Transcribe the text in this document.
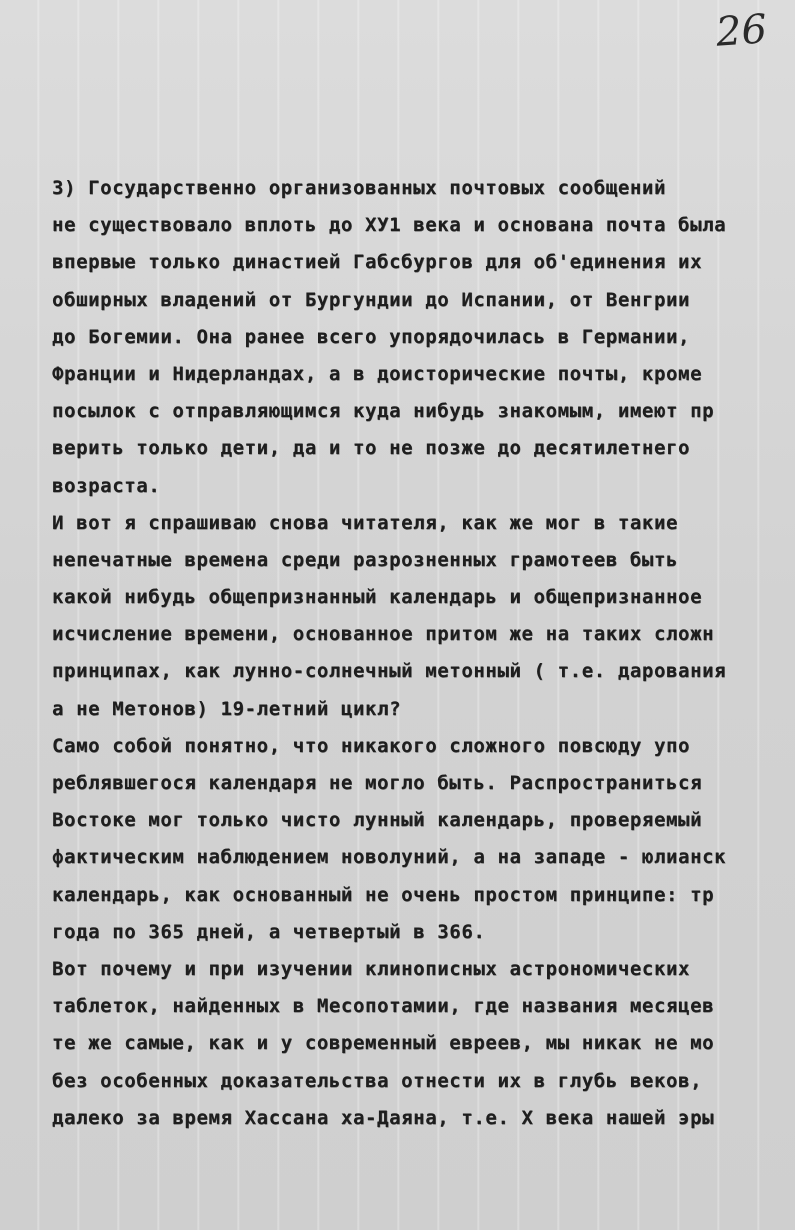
26
3) Государственно организованных почтовых сообщений
не существовало вплоть до ХУ1 века и основана почта была
впервые только династией Габсбургов для об'единения их
обширных владений от Бургундии до Испании, от Венгрии
до Богемии. Она ранее всего упорядочилась в Германии,
Франции и Нидерландах, а в доисторические почты, кроме
посылок с отправляющимся куда нибудь знакомым, имеют пр
верить только дети, да и то не позже до десятилетнего
возраста.
И вот я спрашиваю снова читателя, как же мог в такие
непечатные времена среди разрозненных грамотеев быть
какой нибудь общепризнанный календарь и общепризнанное
исчисление времени, основанное притом же на таких сложн
принципах, как лунно-солнечный метонный ( т.е. дарования
а не Метонов) 19-летний цикл?
Само собой понятно, что никакого сложного повсюду упо
реблявшегося календаря не могло быть. Распространиться
Востоке мог только чисто лунный календарь, проверяемый
фактическим наблюдением новолуний, а на западе - юлианск
календарь, как основанный не очень простом принципе: тр
года по 365 дней, а четвертый в 366.
Вот почему и при изучении клинописных астрономических
таблеток, найденных в Месопотамии, где названия месяцев
те же самые, как и у современный евреев, мы никак не мо
без особенных доказательства отнести их в глубь веков,
далеко за время Хассана ха-Даяна, т.е. Х века нашей эры
